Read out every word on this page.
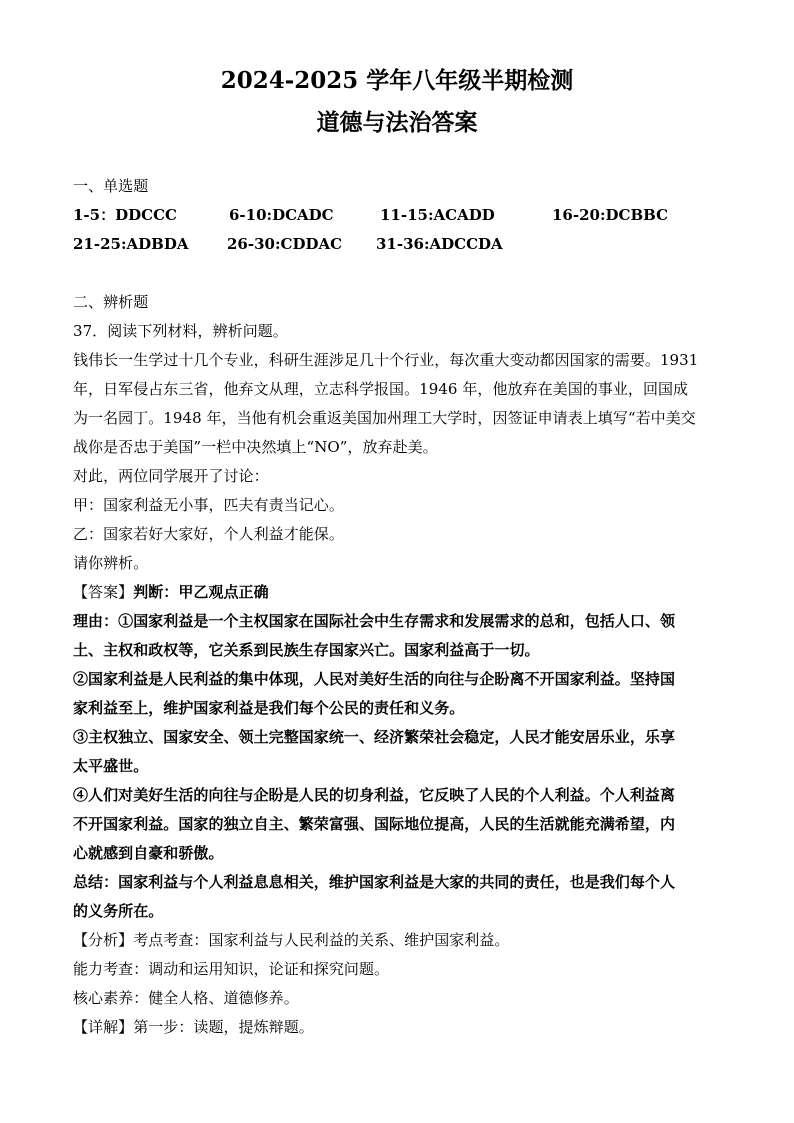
2024-2025 学年八年级半期检测
道德与法治答案
一、单选题
1-5：DDCCC	6-10:DCADC	11-15:ACADD	16-20:DCBBC
21-25:ADBDA	26-30:CDDAC 31-36:ADCCDA
二、辨析题
37．阅读下列材料，辨析问题。
钱伟长一生学过十几个专业，科研生涯涉足几十个行业，每次重大变动都因国家的需要。1931
年，日军侵占东三省，他弃文从理，立志科学报国。1946 年，他放弃在美国的事业，回国成
为一名园丁。1948 年，当他有机会重返美国加州理工大学时，因签证申请表上填写“若中美交
战你是否忠于美国”一栏中决然填上“NO”，放弃赴美。
对此，两位同学展开了讨论：
甲：国家利益无小事，匹夫有责当记心。
乙：国家若好大家好，个人利益才能保。
请你辨析。
【答案】判断：甲乙观点正确
理由：①国家利益是一个主权国家在国际社会中生存需求和发展需求的总和，包括人口、领
土、主权和政权等，它关系到民族生存国家兴亡。国家利益高于一切。
②国家利益是人民利益的集中体现，人民对美好生活的向往与企盼离不开国家利益。坚持国
家利益至上，维护国家利益是我们每个公民的责任和义务。
③主权独立、国家安全、领土完整国家统一、经济繁荣社会稳定，人民才能安居乐业，乐享
太平盛世。
④人们对美好生活的向往与企盼是人民的切身利益，它反映了人民的个人利益。个人利益离
不开国家利益。国家的独立自主、繁荣富强、国际地位提高，人民的生活就能充满希望，内
心就感到自豪和骄傲。
总结：国家利益与个人利益息息相关，维护国家利益是大家的共同的责任，也是我们每个人
的义务所在。
【分析】考点考查：国家利益与人民利益的关系、维护国家利益。
能力考查：调动和运用知识，论证和探究问题。
核心素养：健全人格、道德修养。
【详解】第一步：读题，提炼辩题。
